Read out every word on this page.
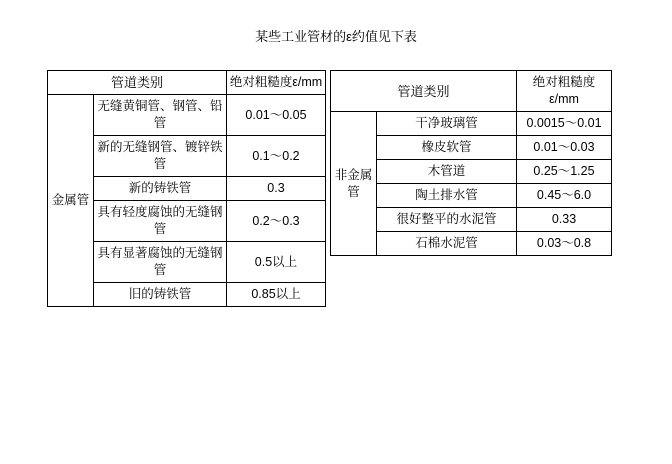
某些工业管材的ε约值见下表
管道类别		绝对粗糙度ε/mm
金属管	无缝黄铜管、钢管、铅管	0.01～0.05
	新的无缝钢管、镀锌铁管	0.1～0.2
	新的铸铁管	0.3
	具有轻度腐蚀的无缝钢管	0.2～0.3
	具有显著腐蚀的无缝钢管	0.5以上
	旧的铸铁管	0.85以上
管道类别		绝对粗糙度ε/mm
非金属管	干净玻璃管	0.0015～0.01
	橡皮软管	0.01～0.03
	木管道	0.25～1.25
	陶土排水管	0.45～6.0
	很好整平的水泥管	0.33
	石棉水泥管	0.03～0.8
